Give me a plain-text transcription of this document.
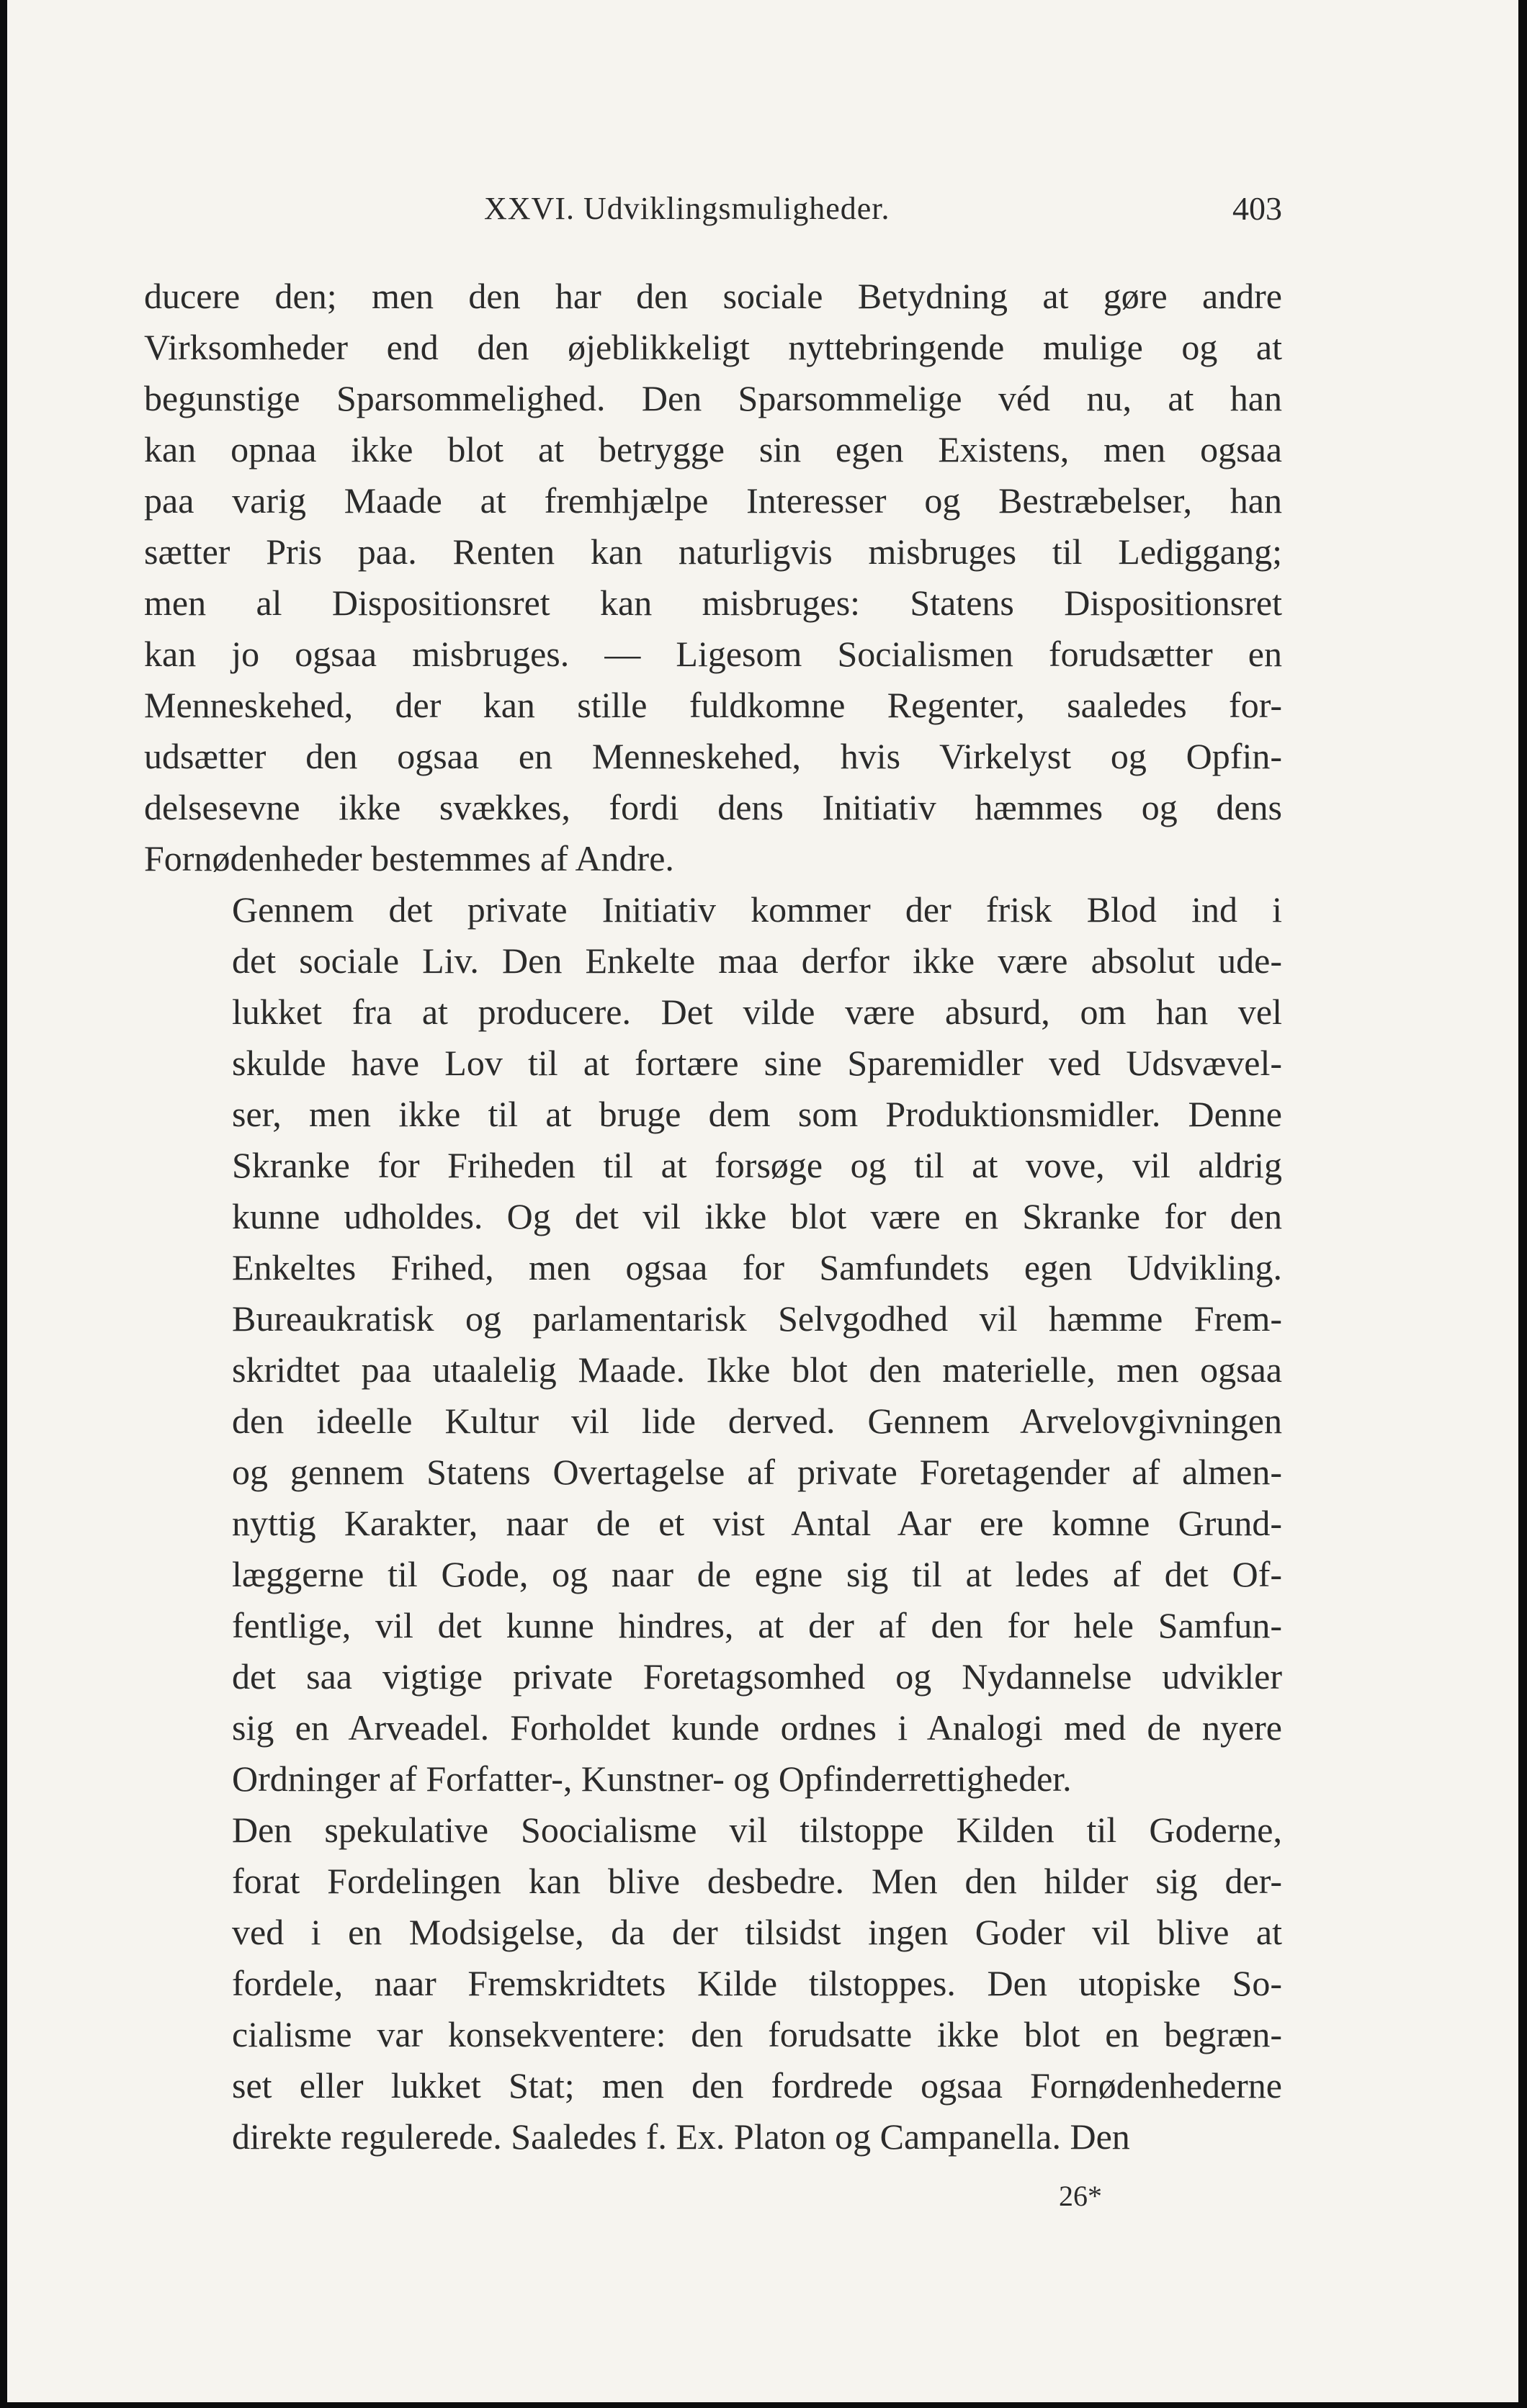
XXVI. Udviklingsmuligheder.	403

ducere den; men den har den sociale Betydning at gøre andre
Virksomheder end den øjeblikkeligt nyttebringende mulige og at
begunstige Sparsommelighed. Den Sparsommelige véd nu, at han
kan opnaa ikke blot at betrygge sin egen Existens, men ogsaa
paa varig Maade at fremhjælpe Interesser og Bestræbelser, han
sætter Pris paa. Renten kan naturligvis misbruges til Lediggang;
men al Dispositionsret kan misbruges: Statens Dispositionsret
kan jo ogsaa misbruges. — Ligesom Socialismen forudsætter en
Menneskehed, der kan stille fuldkomne Regenter, saaledes for-
udsætter den ogsaa en Menneskehed, hvis Virkelyst og Opfin-
delsesevne ikke svækkes, fordi dens Initiativ hæmmes og dens
Fornødenheder bestemmes af Andre.

Gennem det private Initiativ kommer der frisk Blod ind i
det sociale Liv. Den Enkelte maa derfor ikke være absolut ude-
lukket fra at producere. Det vilde være absurd, om han vel
skulde have Lov til at fortære sine Sparemidler ved Udsvævel-
ser, men ikke til at bruge dem som Produktionsmidler. Denne
Skranke for Friheden til at forsøge og til at vove, vil aldrig
kunne udholdes. Og det vil ikke blot være en Skranke for den
Enkeltes Frihed, men ogsaa for Samfundets egen Udvikling.
Bureaukratisk og parlamentarisk Selvgodhed vil hæmme Frem-
skridtet paa utaalelig Maade. Ikke blot den materielle, men ogsaa
den ideelle Kultur vil lide derved. Gennem Arvelovgivningen
og gennem Statens Overtagelse af private Foretagender af almen-
nyttig Karakter, naar de et vist Antal Aar ere komne Grund-
læggerne til Gode, og naar de egne sig til at ledes af det Of-
fentlige, vil det kunne hindres, at der af den for hele Samfun-
det saa vigtige private Foretagsomhed og Nydannelse udvikler
sig en Arveadel. Forholdet kunde ordnes i Analogi med de nyere
Ordninger af Forfatter-, Kunstner- og Opfinderrettigheder.

Den spekulative Soocialisme vil tilstoppe Kilden til Goderne,
forat Fordelingen kan blive desbedre. Men den hilder sig der-
ved i en Modsigelse, da der tilsidst ingen Goder vil blive at
fordele, naar Fremskridtets Kilde tilstoppes. Den utopiske So-
cialisme var konsekventere: den forudsatte ikke blot en begræn-
set eller lukket Stat; men den fordrede ogsaa Fornødenhederne
direkte regulerede. Saaledes f. Ex. Platon og Campanella. Den

26*
